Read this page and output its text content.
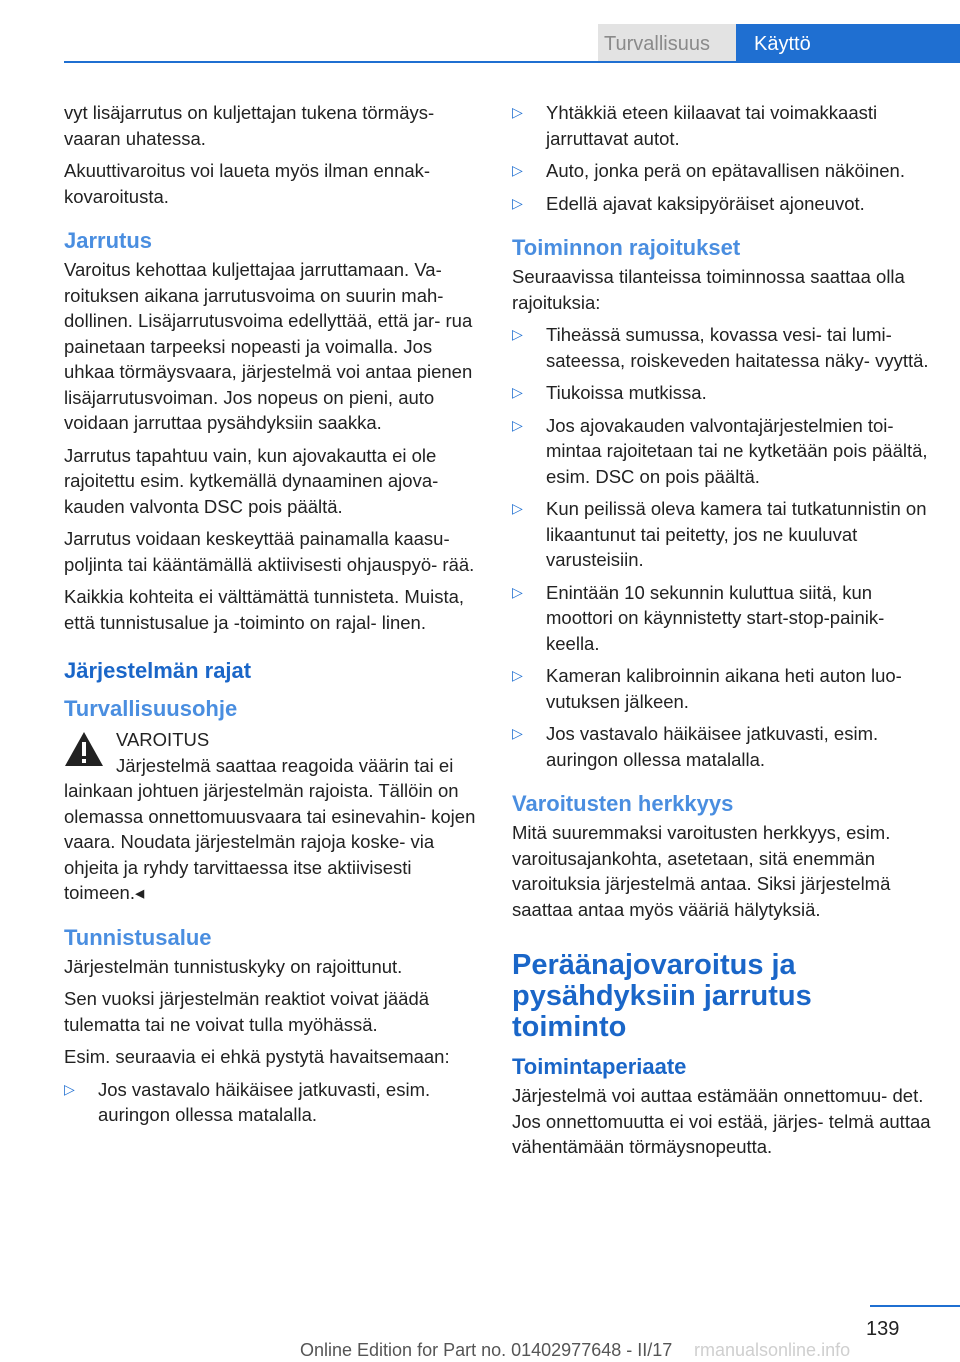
Turvallisuus Käyttö

vyt lisäjarrutus on kuljettajan tukena törmäys- vaaran uhatessa.

Akuuttivaroitus voi laueta myös ilman ennak- kovaroitusta.

Jarrutus

Varoitus kehottaa kuljettajaa jarruttamaan. Va- roituksen aikana jarrutusvoima on suurin mah- dollinen. Lisäjarrutusvoima edellyttää, että jar- rua painetaan tarpeeksi nopeasti ja voimalla. Jos uhkaa törmäysvaara, järjestelmä voi antaa pienen lisäjarrutusvoiman. Jos nopeus on pieni, auto voidaan jarruttaa pysähdyksiin saakka.

Jarrutus tapahtuu vain, kun ajovakautta ei ole rajoitettu esim. kytkemällä dynaaminen ajova- kauden valvonta DSC pois päältä.

Jarrutus voidaan keskeyttää painamalla kaasu- poljinta tai kääntämällä aktiivisesti ohjauspyö- rää.

Kaikkia kohteita ei välttämättä tunnisteta. Muista, että tunnistusalue ja -toiminto on rajal- linen.

Järjestelmän rajat
Turvallisuusohje
VAROITUS

Järjestelmä saattaa reagoida väärin tai ei lainkaan johtuen järjestelmän rajoista. Tällöin on olemassa onnettomuusvaara tai esinevahin- kojen vaara. Noudata järjestelmän rajoja koske- via ohjeita ja ryhdy tarvittaessa itse aktiivisesti toimeen.◂

Tunnistusalue

Järjestelmän tunnistuskyky on rajoittunut.

Sen vuoksi järjestelmän reaktiot voivat jäädä tulematta tai ne voivat tulla myöhässä.

Esim. seuraavia ei ehkä pystytä havaitsemaan:

▷ Jos vastavalo häikäisee jatkuvasti, esim. auringon ollessa matalalla.
▷ Yhtäkkiä eteen kiilaavat tai voimakkaasti jarruttavat autot.
▷ Auto, jonka perä on epätavallisen näköinen.
▷ Edellä ajavat kaksipyöräiset ajoneuvot.
Toiminnon rajoitukset

Seuraavissa tilanteissa toiminnossa saattaa olla rajoituksia:

▷ Tiheässä sumussa, kovassa vesi- tai lumi- sateessa, roiskeveden haitatessa näky- vyyttä.
▷ Tiukoissa mutkissa.
▷ Jos ajovakauden valvontajärjestelmien toi- mintaa rajoitetaan tai ne kytketään pois päältä, esim. DSC on pois päältä.
▷ Kun peilissä oleva kamera tai tutkatunnistin on likaantunut tai peitetty, jos ne kuuluvat varusteisiin.
▷ Enintään 10 sekunnin kuluttua siitä, kun moottori on käynnistetty start-stop-painik- keella.
▷ Kameran kalibroinnin aikana heti auton luo- vutuksen jälkeen.
▷ Jos vastavalo häikäisee jatkuvasti, esim. auringon ollessa matalalla.
Varoitusten herkkyys

Mitä suuremmaksi varoitusten herkkyys, esim. varoitusajankohta, asetetaan, sitä enemmän varoituksia järjestelmä antaa. Siksi järjestelmä saattaa antaa myös vääriä hälytyksiä.

Peräänajovaroitus ja pysähdyksiin jarrutus toiminto
Toimintaperiaate

Järjestelmä voi auttaa estämään onnettomuu- det. Jos onnettomuutta ei voi estää, järjes- telmä auttaa vähentämään törmäysnopeutta.

139
Online Edition for Part no. 01402977648 - II/17 rmanualsonline.info
